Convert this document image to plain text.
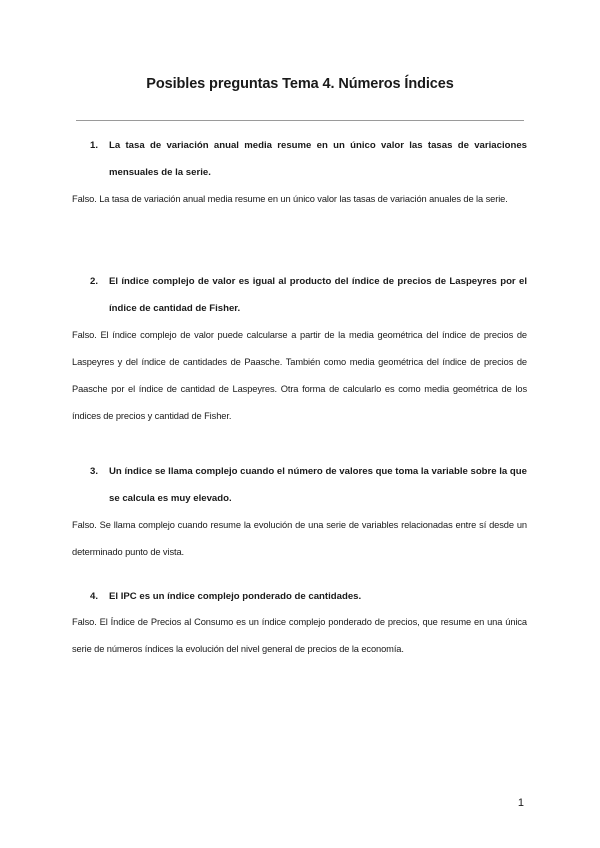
Posibles preguntas Tema 4. Números Índices
1. La tasa de variación anual media resume en un único valor las tasas de variaciones mensuales de la serie.
Falso. La tasa de variación anual media resume en un único valor las tasas de variación anuales de la serie.
2. El índice complejo de valor es igual al producto del índice de precios de Laspeyres por el índice de cantidad de Fisher.
Falso. El índice complejo de valor puede calcularse a partir de la media geométrica del índice de precios de Laspeyres y del índice de cantidades de Paasche. También como media geométrica del índice de precios de Paasche por el índice de cantidad de Laspeyres. Otra forma de calcularlo es como media geométrica de los índices de precios y cantidad de Fisher.
3. Un índice se llama complejo cuando el número de valores que toma la variable sobre la que se calcula es muy elevado.
Falso. Se llama complejo cuando resume la evolución de una serie de variables relacionadas entre sí desde un determinado punto de vista.
4. El IPC es un índice complejo ponderado de cantidades.
Falso. El Índice de Precios al Consumo es un índice complejo ponderado de precios, que resume en una única serie de números índices la evolución del nivel general de precios de la economía.
1
